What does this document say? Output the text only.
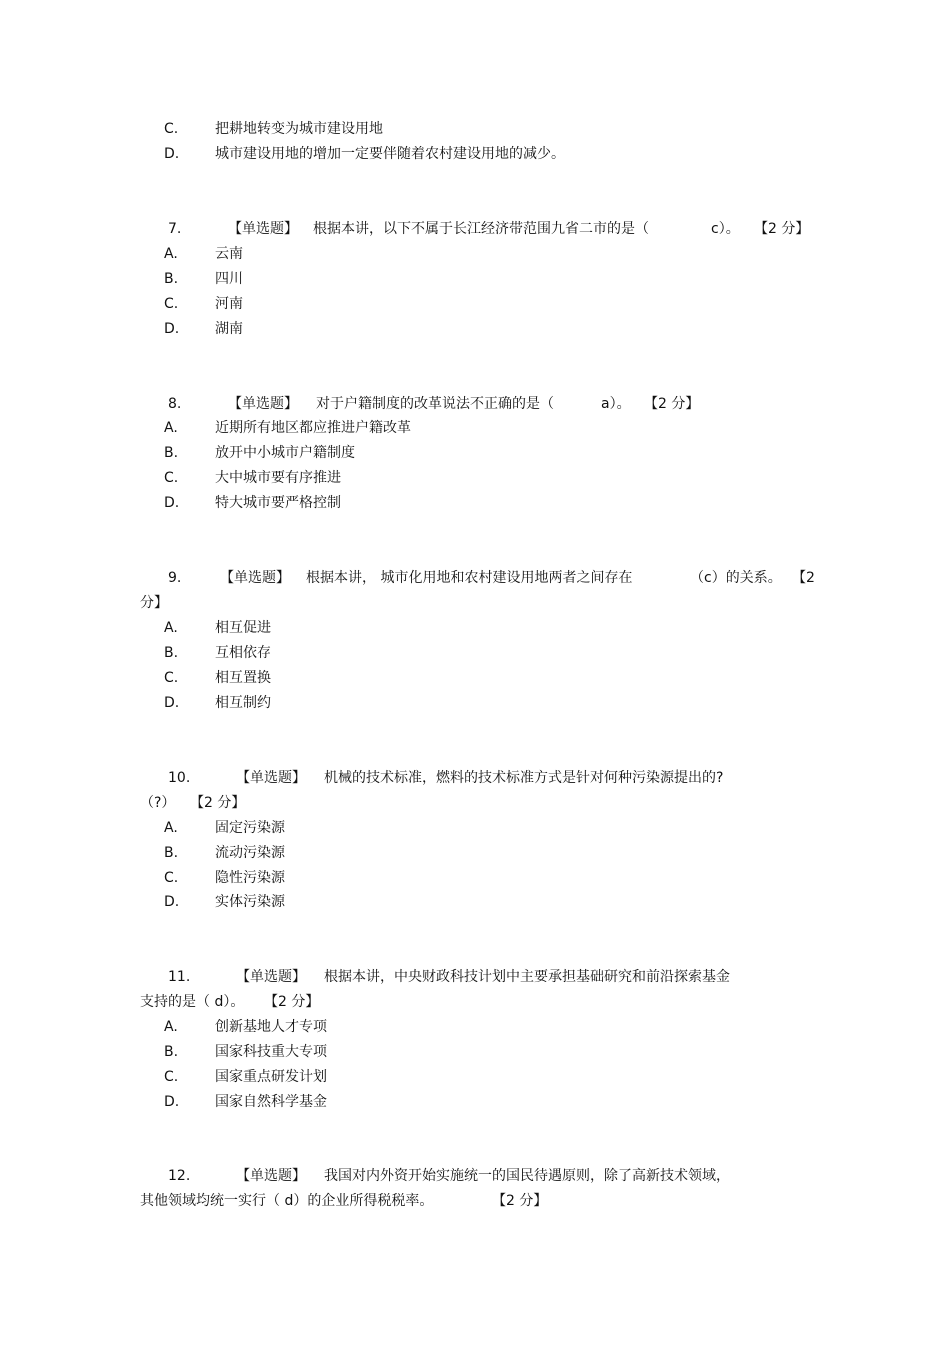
C.	把耕地转变为城市建设用地
D.	城市建设用地的增加一定要伴随着农村建设用地的减少。
7.	【单选题】 根据本讲，以下不属于长江经济带范围九省二市的是（	c）。 【2 分】
A.	云南
B.	四川
C.	河南
D.	湖南
8.	【单选题】 对于户籍制度的改革说法不正确的是（	a）。 【2 分】
A.	近期所有地区都应推进户籍改革
B.	放开中小城市户籍制度
C.	大中城市要有序推进
D.	特大城市要严格控制
9.	【单选题】 根据本讲， 城市化用地和农村建设用地两者之间存在	（c）的关系。 【2
分】
A.	相互促进
B.	互相依存
C.	相互置换
D.	相互制约
10.	【单选题】 机械的技术标准，燃料的技术标准方式是针对何种污染源提出的?
（?） 【2 分】
A.	固定污染源
B.	流动污染源
C.	隐性污染源
D.	实体污染源
11.	【单选题】 根据本讲，中央财政科技计划中主要承担基础研究和前沿探索基金
支持的是（ d）。 【2 分】
A.	创新基地人才专项
B.	国家科技重大专项
C.	国家重点研发计划
D.	国家自然科学基金
12.	【单选题】 我国对内外资开始实施统一的国民待遇原则，除了高新技术领域，
其他领域均统一实行（ d）的企业所得税税率。	【2 分】
